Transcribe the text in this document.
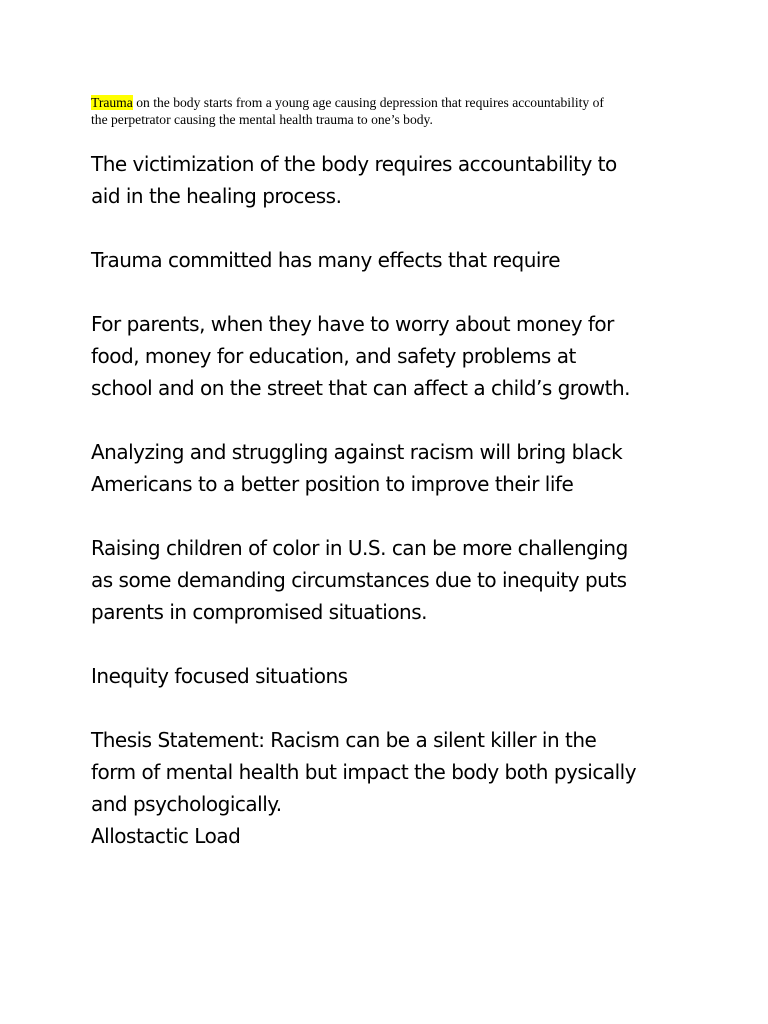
Trauma on the body starts from a young age causing depression that requires accountability of
the perpetrator causing the mental health trauma to one’s body.
The victimization of the body requires accountability to
aid in the healing process.
Trauma committed has many effects that require
For parents, when they have to worry about money for
food, money for education, and safety problems at
school and on the street that can affect a child’s growth.
Analyzing and struggling against racism will bring black
Americans to a better position to improve their life
Raising children of color in U.S. can be more challenging
as some demanding circumstances due to inequity puts
parents in compromised situations.
Inequity focused situations
Thesis Statement: Racism can be a silent killer in the
form of mental health but impact the body both pysically
and psychologically.
Allostactic Load
